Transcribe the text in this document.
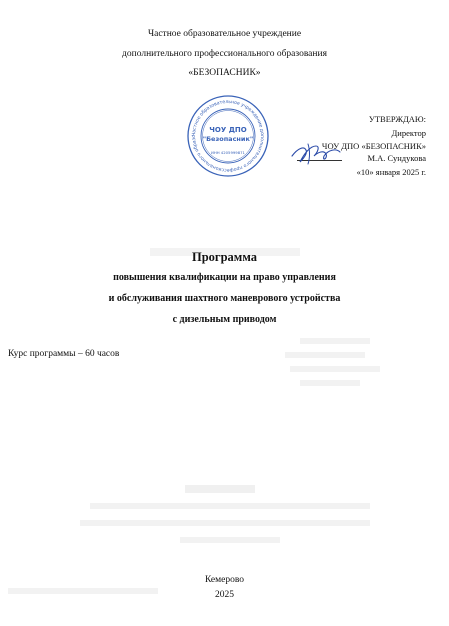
Частное образовательное учреждение
дополнительного профессионального образования
«БЕЗОПАСНИК»
Частное образовательное учреждение дополнительного профессионального образо
ЧОУ ДПО
"Безопасник"
ИНН 4205999871
УТВЕРЖДАЮ:
Директор
ЧОУ ДПО «БЕЗОПАСНИК»
М.А. Сундукова
«10» января 2025 г.
Программа
повышения квалификации на право управления
и обслуживания шахтного маневрового устройства
с дизельным приводом
Курс программы – 60 часов
Кемерово
2025
